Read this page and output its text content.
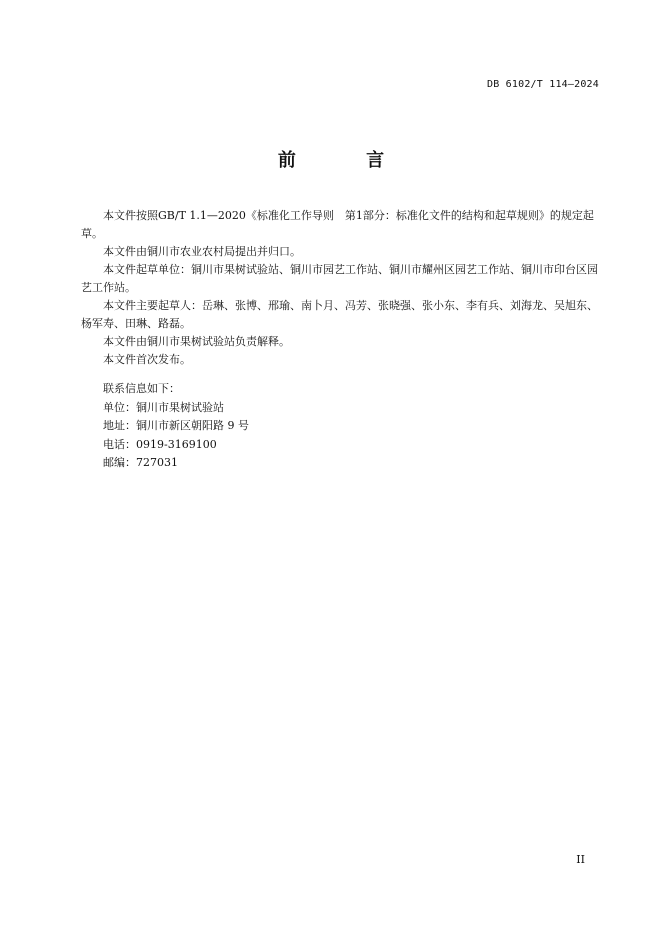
DB 6102/T 114—2024
前 言

本文件按照GB/T 1.1—2020《标准化工作导则　第1部分：标准化文件的结构和起草规则》的规定起草。

本文件由铜川市农业农村局提出并归口。

本文件起草单位：铜川市果树试验站、铜川市园艺工作站、铜川市耀州区园艺工作站、铜川市印台区园艺工作站。

本文件主要起草人：岳琳、张博、邢瑜、南卜月、冯芳、张晓强、张小东、李有兵、刘海龙、吴旭东、杨军寿、田琳、路磊。

本文件由铜川市果树试验站负责解释。

本文件首次发布。

联系信息如下：
单位：铜川市果树试验站
地址：铜川市新区朝阳路 9 号
电话：0919-3169100
邮编：727031
II
